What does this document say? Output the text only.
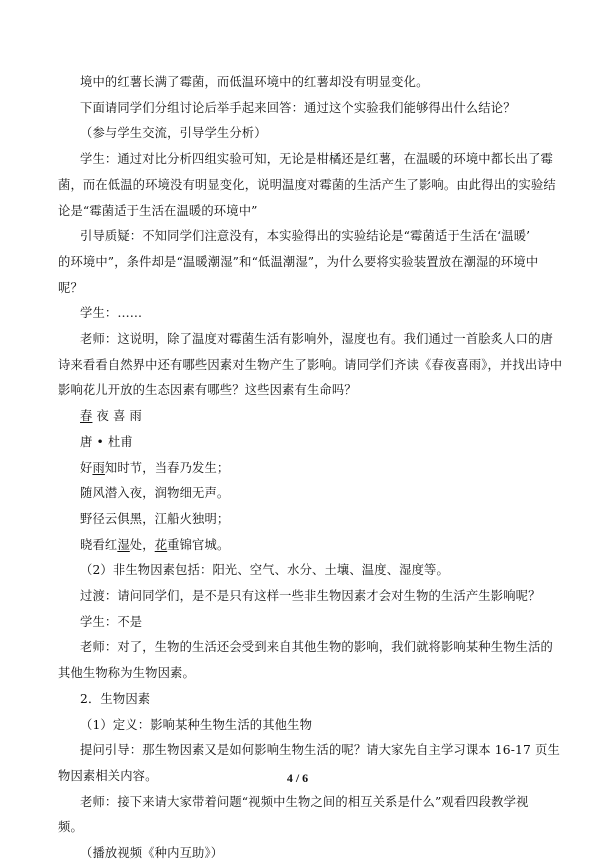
境中的红薯长满了霉菌，而低温环境中的红薯却没有明显变化。
下面请同学们分组讨论后举手起来回答：通过这个实验我们能够得出什么结论？
（参与学生交流，引导学生分析）
学生：通过对比分析四组实验可知，无论是柑橘还是红薯，在温暖的环境中都长出了霉
菌，而在低温的环境没有明显变化，说明温度对霉菌的生活产生了影响。由此得出的实验结
论是“霉菌适于生活在温暖的环境中”
引导质疑：不知同学们注意没有，本实验得出的实验结论是“霉菌适于生活在‘温暖’
的环境中”，条件却是“温暖潮湿”和“低温潮湿”，为什么要将实验装置放在潮湿的环境中
呢？
学生：……
老师：这说明，除了温度对霉菌生活有影响外，湿度也有。我们通过一首脍炙人口的唐
诗来看看自然界中还有哪些因素对生物产生了影响。请同学们齐读《春夜喜雨》，并找出诗中
影响花儿开放的生态因素有哪些？这些因素有生命吗？
春 夜 喜 雨
唐 • 杜甫
好雨知时节，当春乃发生；
随风潜入夜，润物细无声。
野径云俱黑，江船火独明；
晓看红湿处，花重锦官城。
（2）非生物因素包括：阳光、空气、水分、土壤、温度、湿度等。
过渡：请问同学们，是不是只有这样一些非生物因素才会对生物的生活产生影响呢？
学生：不是
老师：对了，生物的生活还会受到来自其他生物的影响，我们就将影响某种生物生活的
其他生物称为生物因素。
2．生物因素
（1）定义：影响某种生物生活的其他生物
提问引导：那生物因素又是如何影响生物生活的呢？请大家先自主学习课本 16-17 页生
物因素相关内容。
老师：接下来请大家带着问题“视频中生物之间的相互关系是什么”观看四段教学视
频。
（播放视频《种内互助》）
4 / 6
